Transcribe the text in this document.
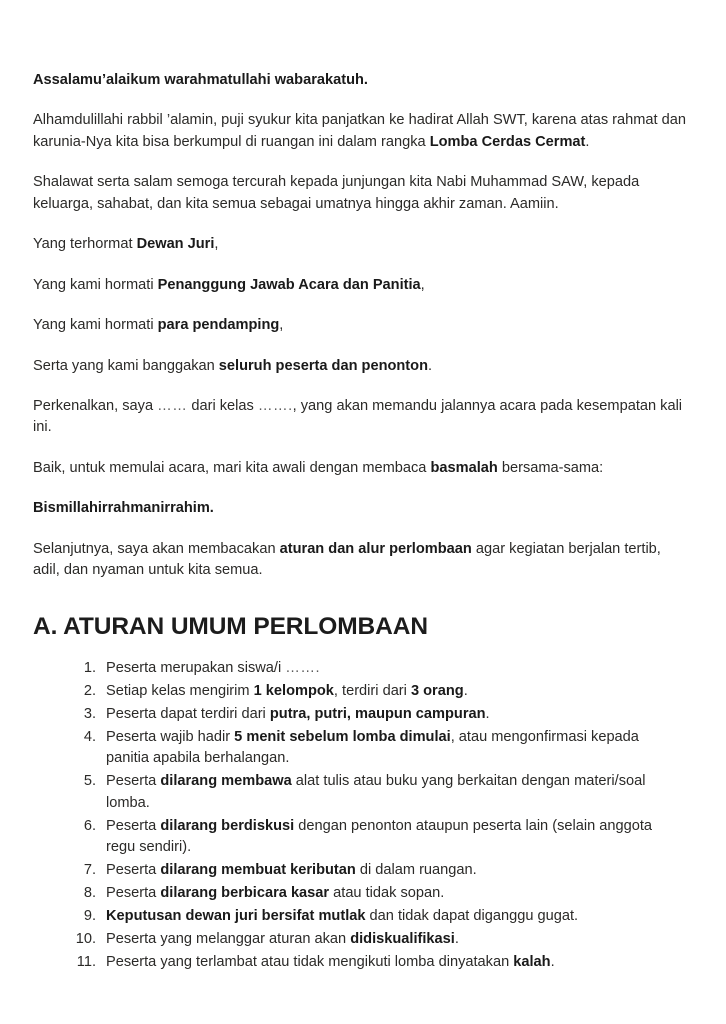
Assalamu’alaikum warahmatullahi wabarakatuh.

Alhamdulillahi rabbil ’alamin, puji syukur kita panjatkan ke hadirat Allah SWT, karena atas rahmat dan karunia-Nya kita bisa berkumpul di ruangan ini dalam rangka Lomba Cerdas Cermat.

Shalawat serta salam semoga tercurah kepada junjungan kita Nabi Muhammad SAW, kepada keluarga, sahabat, dan kita semua sebagai umatnya hingga akhir zaman. Aamiin.

Yang terhormat Dewan Juri,

Yang kami hormati Penanggung Jawab Acara dan Panitia,

Yang kami hormati para pendamping,

Serta yang kami banggakan seluruh peserta dan penonton.

Perkenalkan, saya …… dari kelas ……., yang akan memandu jalannya acara pada kesempatan kali ini.

Baik, untuk memulai acara, mari kita awali dengan membaca basmalah bersama-sama:

Bismillahirrahmanirrahim.

Selanjutnya, saya akan membacakan aturan dan alur perlombaan agar kegiatan berjalan tertib, adil, dan nyaman untuk kita semua.

A. ATURAN UMUM PERLOMBAAN
Peserta merupakan siswa/i …….
Setiap kelas mengirim 1 kelompok, terdiri dari 3 orang.
Peserta dapat terdiri dari putra, putri, maupun campuran.
Peserta wajib hadir 5 menit sebelum lomba dimulai, atau mengonfirmasi kepada panitia apabila berhalangan.
Peserta dilarang membawa alat tulis atau buku yang berkaitan dengan materi/soal lomba.
Peserta dilarang berdiskusi dengan penonton ataupun peserta lain (selain anggota regu sendiri).
Peserta dilarang membuat keributan di dalam ruangan.
Peserta dilarang berbicara kasar atau tidak sopan.
Keputusan dewan juri bersifat mutlak dan tidak dapat diganggu gugat.
Peserta yang melanggar aturan akan didiskualifikasi.
Peserta yang terlambat atau tidak mengikuti lomba dinyatakan kalah.
